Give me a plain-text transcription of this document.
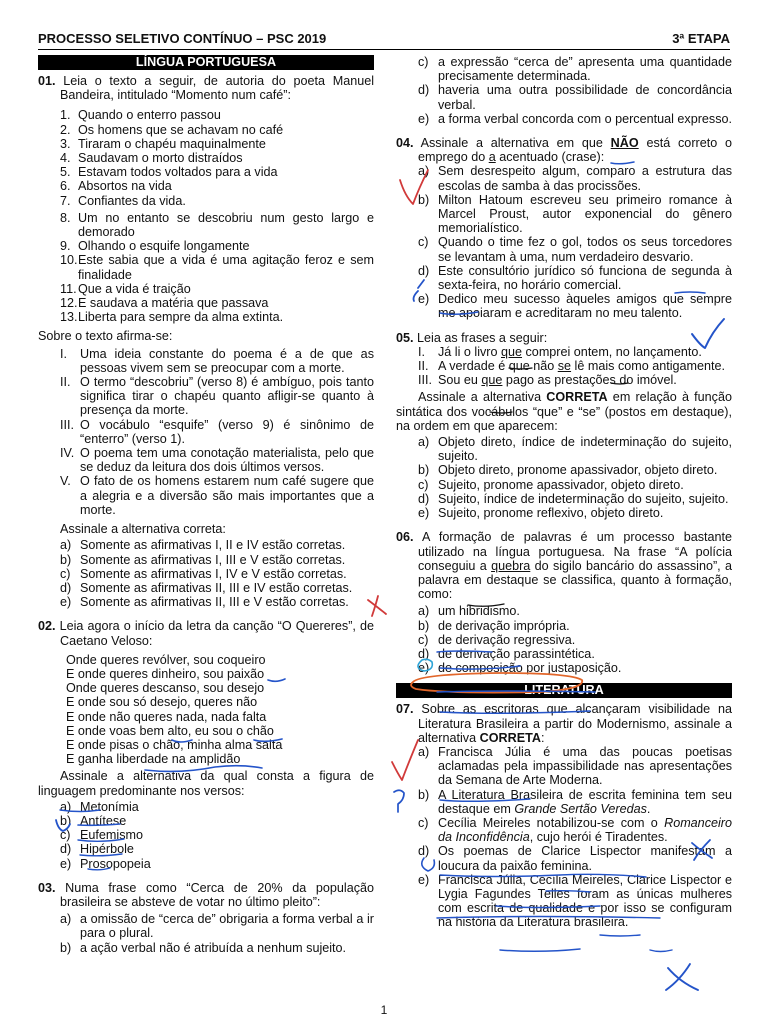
PROCESSO SELETIVO CONTÍNUO – PSC 2019	3ª ETAPA
LÍNGUA PORTUGUESA

01. Leia o texto a seguir, de autoria do poeta Manuel Bandeira, intitulado “Momento num café”:

1. Quando o enterro passou

2. Os homens que se achavam no café

3. Tiraram o chapéu maquinalmente

4. Saudavam o morto distraídos

5. Estavam todos voltados para a vida

6. Absortos na vida

7. Confiantes da vida.

8. Um no entanto se descobriu num gesto largo e demorado

9. Olhando o esquife longamente

10.Este sabia que a vida é uma agitação feroz e sem finalidade

11.Que a vida é traição

12.E saudava a matéria que passava

13.Liberta para sempre da alma extinta.

Sobre o texto afirma-se:

I. Uma ideia constante do poema é a de que as pessoas vivem sem se preocupar com a morte.

II. O termo “descobriu” (verso 8) é ambíguo, pois tanto significa tirar o chapéu quanto afligir-se quanto à presença da morte.

III. O vocábulo “esquife” (verso 9) é sinônimo de “enterro” (verso 1).

IV. O poema tem uma conotação materialista, pelo que se deduz da leitura dos dois últimos versos.

V. O fato de os homens estarem num café sugere que a alegria e a diversão são mais importantes que a morte.

Assinale a alternativa correta:

a) Somente as afirmativas I, II e IV estão corretas.

b) Somente as afirmativas I, III e V estão corretas.

c) Somente as afirmativas I, IV e V estão corretas.

d) Somente as afirmativas II, III e IV estão corretas.

e) Somente as afirmativas II, III e V estão corretas.

02. Leia agora o início da letra da canção “O Quereres”, de Caetano Veloso:

Onde queres revólver, sou coqueiro

E onde queres dinheiro, sou paixão

Onde queres descanso, sou desejo

E onde sou só desejo, queres não

E onde não queres nada, nada falta

E onde voas bem alto, eu sou o chão

E onde pisas o chão, minha alma salta

E ganha liberdade na amplidão

Assinale a alternativa da qual consta a figura de linguagem predominante nos versos:

a) Metonímia

b) Antítese

c) Eufemismo

d) Hipérbole

e) Prosopopeia

03. Numa frase como “Cerca de 20% da população brasileira se absteve de votar no último pleito”:

a) a omissão de “cerca de” obrigaria a forma verbal a ir para o plural.

b) a ação verbal não é atribuída a nenhum sujeito.

c) a expressão “cerca de” apresenta uma quantidade precisamente determinada.

d) haveria uma outra possibilidade de concordância verbal.

e) a forma verbal concorda com o percentual expresso.

04. Assinale a alternativa em que NÃO está correto o emprego do a acentuado (crase):

a) Sem desrespeito algum, comparo a estrutura das escolas de samba à das procissões.

b) Milton Hatoum escreveu seu primeiro romance à Marcel Proust, autor exponencial do gênero memorialístico.

c) Quando o time fez o gol, todos os seus torcedores se levantam à uma, num verdadeiro desvario.

d) Este consultório jurídico só funciona de segunda à sexta-feira, no horário comercial.

e) Dedico meu sucesso àqueles amigos que sempre me apoiaram e acreditaram no meu talento.

05. Leia as frases a seguir:

I. Já li o livro que comprei ontem, no lançamento.

II. A verdade é que não se lê mais como antigamente.

III. Sou eu que pago as prestações do imóvel.

Assinale a alternativa CORRETA em relação à função sintática dos vocábulos “que” e “se” (postos em destaque), na ordem em que aparecem:

a) Objeto direto, índice de indeterminação do sujeito, sujeito.

b) Objeto direto, pronome apassivador, objeto direto.

c) Sujeito, pronome apassivador, objeto direto.

d) Sujeito, índice de indeterminação do sujeito, sujeito.

e) Sujeito, pronome reflexivo, objeto direto.

06. A formação de palavras é um processo bastante utilizado na língua portuguesa. Na frase “A polícia conseguiu a quebra do sigilo bancário do assassino”, a palavra em destaque se classifica, quanto à formação, como:

a) um hibridismo.

b) de derivação imprópria.

c) de derivação regressiva.

d) de derivação parassintética.

e) de composição por justaposição.

LITERATURA

07. Sobre as escritoras que alcançaram visibilidade na Literatura Brasileira a partir do Modernismo, assinale a alternativa CORRETA:

a) Francisca Júlia é uma das poucas poetisas aclamadas pela impassibilidade nas apresentações da Semana de Arte Moderna.

b) A Literatura Brasileira de escrita feminina tem seu destaque em Grande Sertão Veredas.

c) Cecília Meireles notabilizou-se com o Romanceiro da Inconfidência, cujo herói é Tiradentes.

d) Os poemas de Clarice Lispector manifestam a loucura da paixão feminina.

e) Francisca Júlia, Cecília Meireles, Clarice Lispector e Lygia Fagundes Telles foram as únicas mulheres com escrita de qualidade e por isso se configuram na história da Literatura brasileira.

1
